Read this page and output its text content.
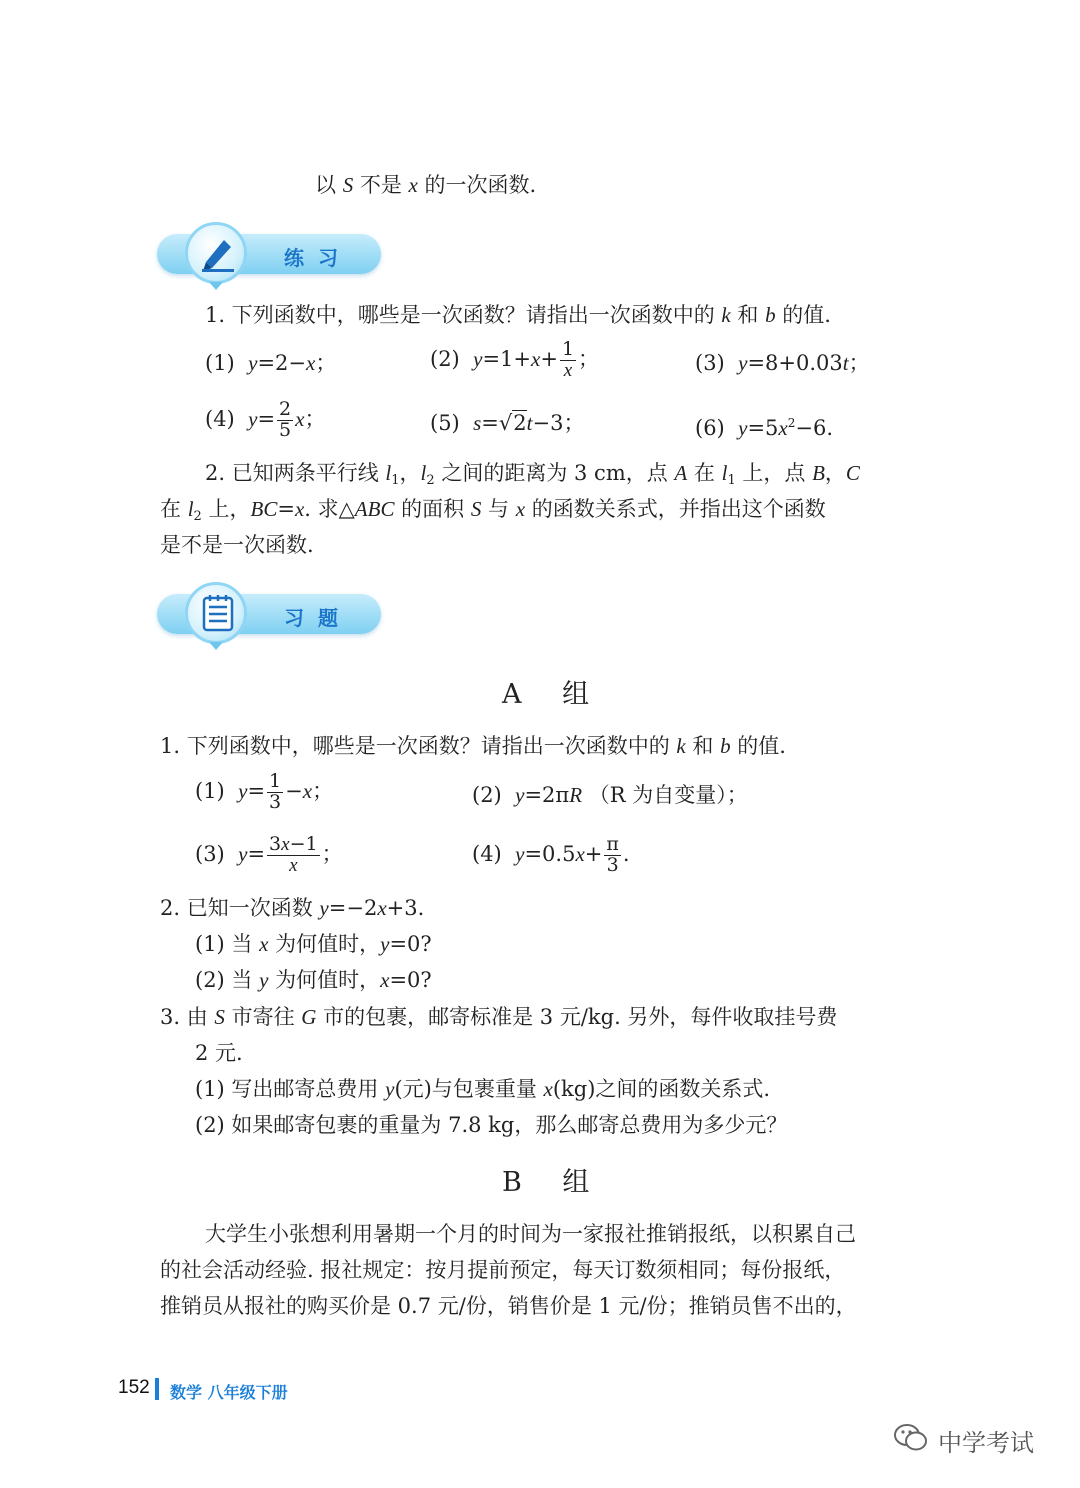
以 S 不是 x 的一次函数.
练习
1. 下列函数中，哪些是一次函数？请指出一次函数中的 k 和 b 的值.
(1) y=2−x；	(2) $y=1+x+ \frac{1}{x}$ ；	(3) y=8+0.03t；
(4) $y= \frac{2}{5}$ x；	(5) s=√2t−3；	(6) $y=5x^2-6$.
2. 已知两条平行线 $l_1$，$l_2$ 之间的距离为 3 cm，点 A 在 $l_1$ 上，点 B，C
在 $l_2$ 上，BC=x. 求△ABC 的面积 S 与 x 的函数关系式，并指出这个函数
是不是一次函数.
习题
A 组
1. 下列函数中，哪些是一次函数？请指出一次函数中的 k 和 b 的值.
(1)  $y= \frac{1}{3} -x$；	(2)  y=2πR （R 为自变量）；
(3)  $y= \frac{3x-1}{x}$ ；	(4)  $y=0.5x+ \frac{\pi}{3}$ .
2. 已知一次函数 y=−2x+3.
(1) 当 x 为何值时，y=0?
(2) 当 y 为何值时，x=0?
3. 由 S 市寄往 G 市的包裹，邮寄标准是 3 元/kg. 另外，每件收取挂号费
2 元.
(1) 写出邮寄总费用 y(元)与包裹重量 x(kg)之间的函数关系式.
(2) 如果邮寄包裹的重量为 7.8 kg，那么邮寄总费用为多少元？
B 组
大学生小张想利用暑期一个月的时间为一家报社推销报纸，以积累自己
的社会活动经验. 报社规定：按月提前预定，每天订数须相同；每份报纸，
推销员从报社的购买价是 0.7 元/份，销售价是 1 元/份；推销员售不出的，
152 数学 八年级下册
中学考试
